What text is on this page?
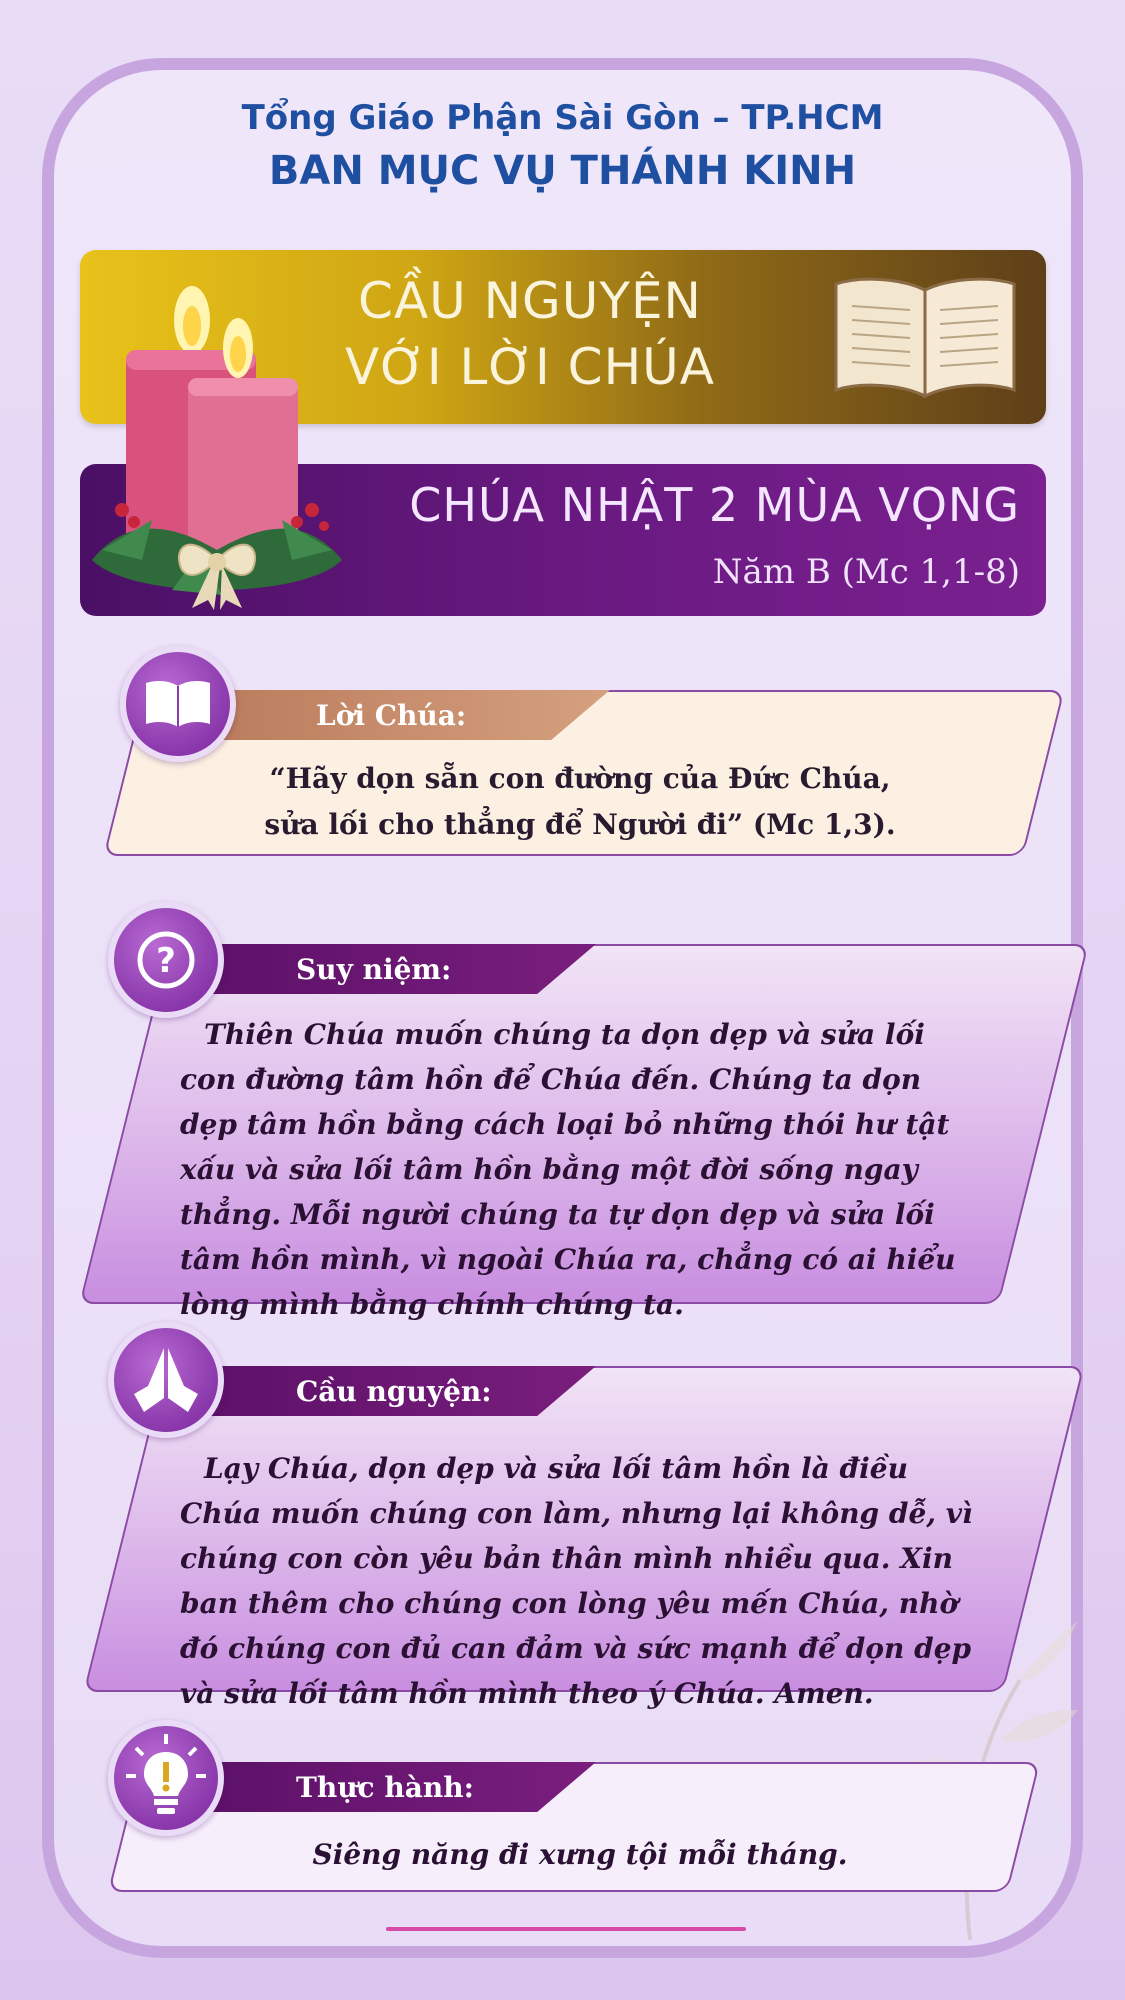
Tổng Giáo Phận Sài Gòn – TP.HCM
BAN MỤC VỤ THÁNH KINH
CẦU NGUYỆN
VỚI LỜI CHÚA
CHÚA NHẬT 2 MÙA VỌNG
Năm B (Mc 1,1-8)
Lời Chúa:
“Hãy dọn sẵn con đường của Đức Chúa,
sửa lối cho thẳng để Người đi” (Mc 1,3).
Suy niệm:
?
Thiên Chúa muốn chúng ta dọn dẹp và sửa lối con đường tâm hồn để Chúa đến. Chúng ta dọn dẹp tâm hồn bằng cách loại bỏ những thói hư tật xấu và sửa lối tâm hồn bằng một đời sống ngay thẳng. Mỗi người chúng ta tự dọn dẹp và sửa lối tâm hồn mình, vì ngoài Chúa ra, chẳng có ai hiểu lòng mình bằng chính chúng ta.
Cầu nguyện:
Lạy Chúa, dọn dẹp và sửa lối tâm hồn là điều Chúa muốn chúng con làm, nhưng lại không dễ, vì chúng con còn yêu bản thân mình nhiều qua. Xin ban thêm cho chúng con lòng yêu mến Chúa, nhờ đó chúng con đủ can đảm và sức mạnh để dọn dẹp và sửa lối tâm hồn mình theo ý Chúa. Amen.
Thực hành:
Siêng năng đi xưng tội mỗi tháng.
